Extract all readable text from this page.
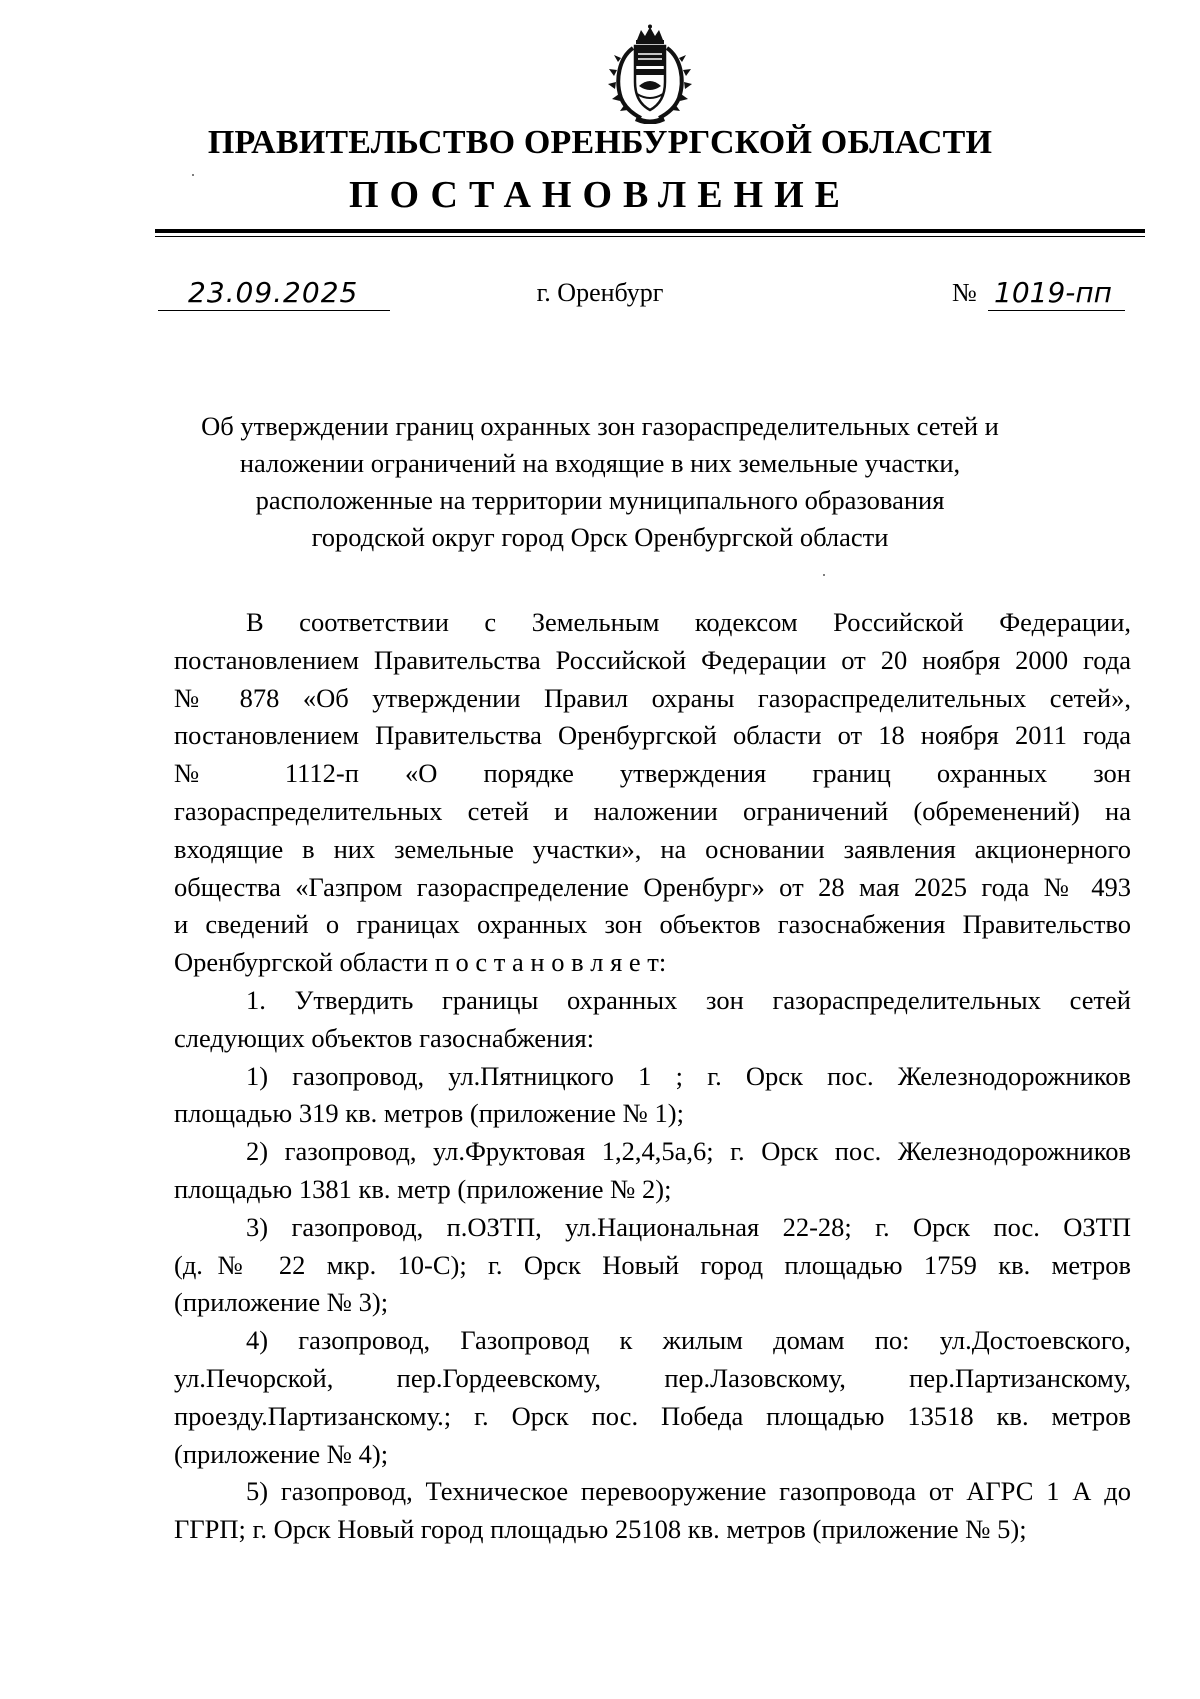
ПРАВИТЕЛЬСТВО ОРЕНБУРГСКОЙ ОБЛАСТИ
ПОСТАНОВЛЕНИЕ
23.09.2025	г. Оренбург	№ 1019-пп
Об утверждении границ охранных зон газораспределительных сетей и
наложении ограничений на входящие в них земельные участки,
расположенные на территории муниципального образования
городской округ город Орск Оренбургской области
В соответствии с Земельным кодексом Российской Федерации,
постановлением Правительства Российской Федерации от 20 ноября 2000 года
№ 878 «Об утверждении Правил охраны газораспределительных сетей»,
постановлением Правительства Оренбургской области от 18 ноября 2011 года
№ 1112-п «О порядке утверждения границ охранных зон
газораспределительных сетей и наложении ограничений (обременений) на
входящие в них земельные участки», на основании заявления акционерного
общества «Газпром газораспределение Оренбург» от 28 мая 2025 года № 493
и сведений о границах охранных зон объектов газоснабжения Правительство
Оренбургской области п о с т а н о в л я е т:
1. Утвердить границы охранных зон газораспределительных сетей
следующих объектов газоснабжения:
1) газопровод, ул.Пятницкого 1 ; г. Орск пос. Железнодорожников
площадью 319 кв. метров (приложение № 1);
2) газопровод, ул.Фруктовая 1,2,4,5а,6; г. Орск пос. Железнодорожников
площадью 1381 кв. метр (приложение № 2);
3) газопровод, п.ОЗТП, ул.Национальная 22-28; г. Орск пос. ОЗТП
(д.№ 22 мкр. 10-С); г. Орск Новый город площадью 1759 кв. метров
(приложение № 3);
4) газопровод, Газопровод к жилым домам по: ул.Достоевского,
ул.Печорской, пер.Гордеевскому, пер.Лазовскому, пер.Партизанскому,
проезду.Партизанскому.; г. Орск пос. Победа площадью 13518 кв. метров
(приложение № 4);
5) газопровод, Техническое перевооружение газопровода от АГРС 1 А до
ГГРП; г. Орск Новый город площадью 25108 кв. метров (приложение № 5);
